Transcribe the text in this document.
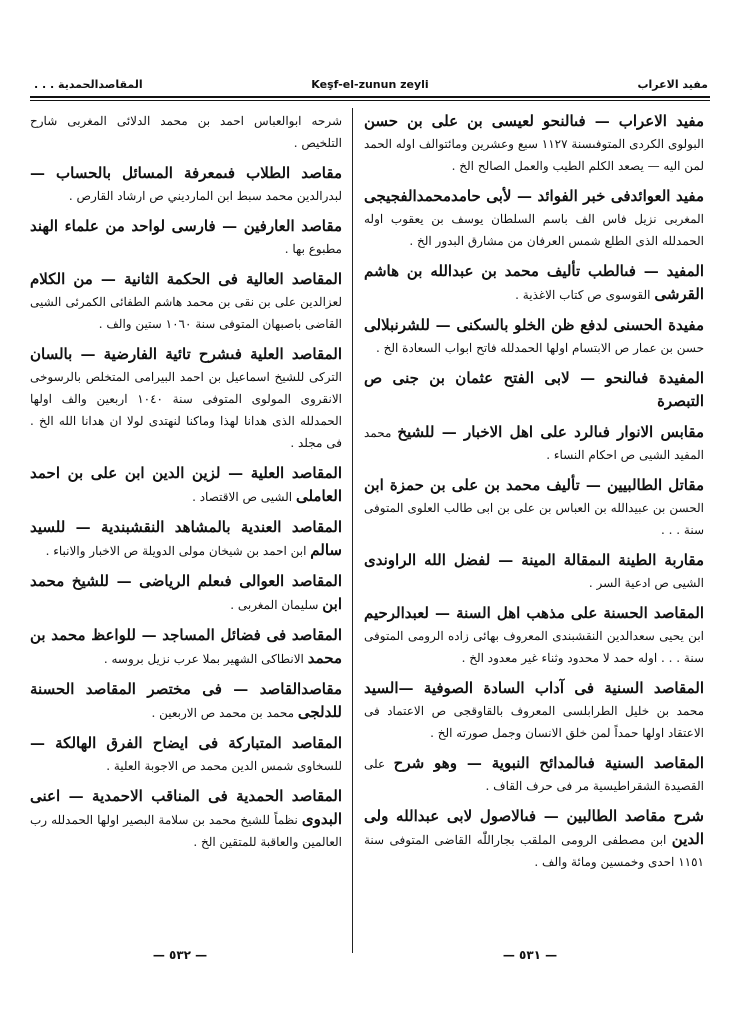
المقاصدالحمدية . . .	Keşf-el-zunun zeyli	مفيد الاعراب
مفيد الاعراب — فىالنحو لعيسى بن على بن حسن البولوى الكردى المتوفىسنة ١١٢٧ سبع وعشرين ومائتوالف اوله الحمد لمن اليه — يصعد الكلم الطيب والعمل الصالح الخ .
مفيد العوائدفى خبر الفوائد — لأبى حامدمحمدالفجيجى المغربى نزيل فاس الف باسم السلطان يوسف بن يعقوب اوله الحمدلله الذى الطلع شمس العرفان من مشارق البدور الخ .
المفيد — فىالطب تأليف محمد بن عبدالله بن هاشم القرشى القوسوى ص كتاب الاغذية .
مفيدة الحسنى لدفع ظن الخلو بالسكنى — للشرنبلالى حسن بن عمار ص الابتسام اولها الحمدلله فاتح ابواب السعادة الخ .
المفيدة فىالنحو — لابى الفتح عثمان بن جنى ص التبصرة
مقابس الانوار فىالرد على اهل الاخبار — للشيخ محمد المفيد الشيى ص احكام النساء .
مقاتل الطالبيين — تأليف محمد بن على بن حمزة ابن الحسن بن عبيدالله بن العباس بن على بن ابى طالب العلوى المتوفى سنة . . .
مقاربة الطينة الىمقالة المينة — لفضل الله الراوندى الشيى ص ادعية السر .
المقاصد الحسنة على مذهب اهل السنة — لعبدالرحيم ابن يحيى سعدالدين النقشبندى المعروف بهائى زاده الرومى المتوفى سنة . . . اوله حمد لا محدود وثناء غير معدود الخ .
المقاصد السنية فى آداب السادة الصوفية —السيد محمد بن خليل الطرابلسى المعروف بالقاوقجى ص الاعتماد فى الاعتقاد اولها حمداً لمن خلق الانسان وجمل صورته الخ .
المقاصد السنية فىالمدائح النبوية — وهو شرح على القصيدة الشقراطيسية مر فى حرف القاف .
شرح مقاصد الطالبين — فىالاصول لابى عبدالله ولى الدين ابن مصطفى الرومى الملقب بجاراللّٰه القاضى المتوفى سنة ١١٥١ احدى وخمسين ومائة والف .
شرحه ابوالعباس احمد بن محمد الدلائى المغربى شارح التلخيص .
مقاصد الطلاب فىمعرفة المسائل بالحساب — لبدرالدين محمد سبط ابن المارديني ص ارشاد القارص .
مقاصد العارفين — فارسى لواحد من علماء الهند مطبوع بها .
المقاصد العالية فى الحكمة الثانية — من الكلام لعزالدين على بن نقى بن محمد هاشم الطفائى الكمرئى الشيى القاضى باصبهان المتوفى سنة ١٠٦٠ ستين والف .
المقاصد العلية فىشرح تائية الفارضية — بالسان التركى للشيخ اسماعيل بن احمد البيرامى المتخلص بالرسوخى الانقروى المولوى المتوفى سنة ١٠٤٠ اربعين والف اولها الحمدلله الذى هدانا لهذا وماكنا لنهتدى لولا ان هدانا الله الخ . فى مجلد .
المقاصد العلية — لزين الدين ابن على بن احمد العاملى الشيى ص الاقتصاد .
المقاصد العندية بالمشاهد النقشبندية — للسيد سالم ابن احمد بن شيخان مولى الدويلة ص الاخبار والانباء .
المقاصد العوالى فىعلم الرياضى — للشيخ محمد ابن سليمان المغربى .
المقاصد فى فضائل المساجد — للواعظ محمد بن محمد الانطاكى الشهير بملا عرب نزيل بروسه .
مقاصدالقاصد — فى مختصر المقاصد الحسنة للدلجى محمد بن محمد ص الاربعين .
المقاصد المتباركة فى ايضاح الفرق الهالكة — للسخاوى شمس الدين محمد ص الاجوبة العلية .
المقاصد الحمدية فى المناقب الاحمدية — اعنى البدوى نظماً للشيخ محمد بن سلامة البصير اولها الحمدلله رب العالمين والعاقبة للمتقين الخ .
— ٥٣٢ —	— ٥٣١ —
